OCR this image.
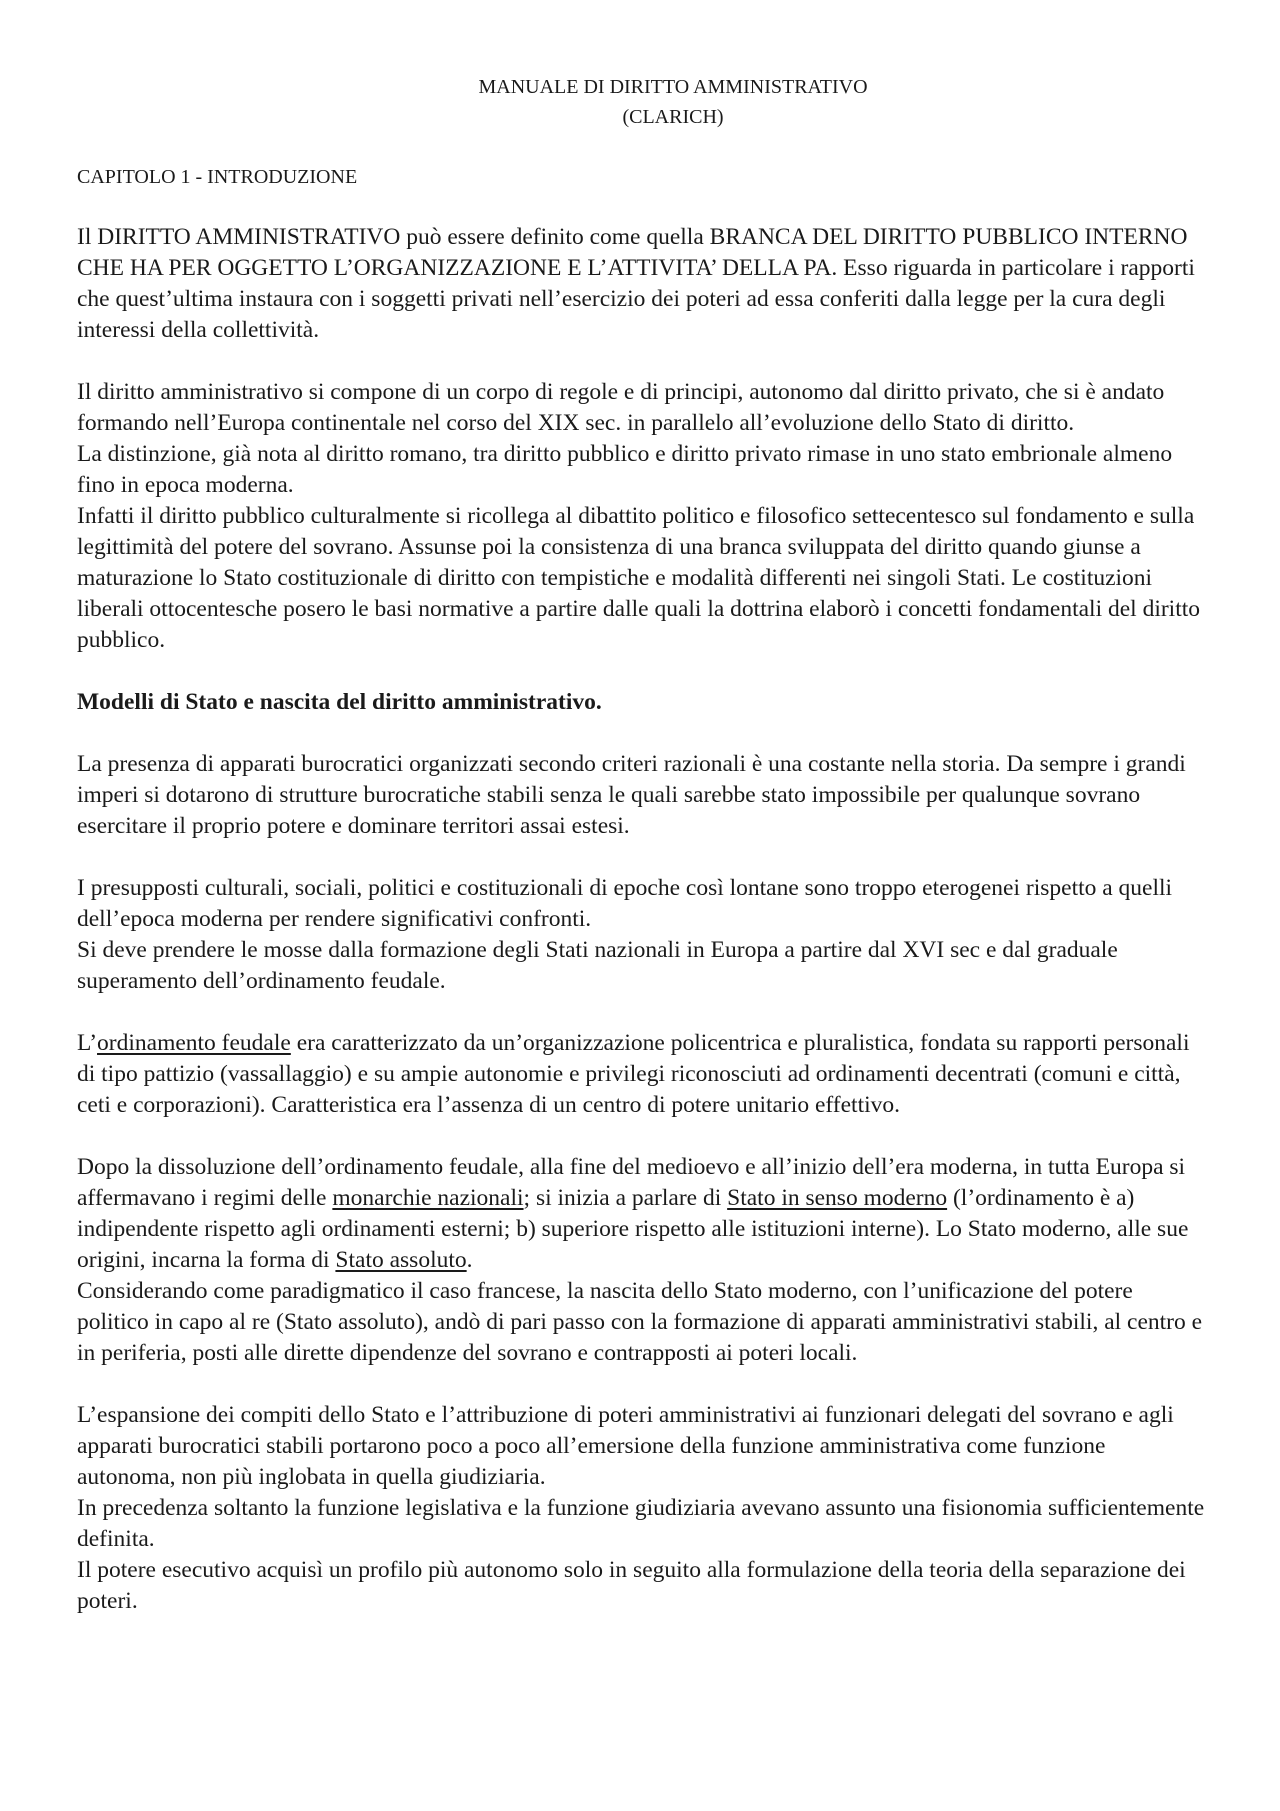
MANUALE DI DIRITTO AMMINISTRATIVO
(CLARICH)
CAPITOLO 1 - INTRODUZIONE

Il DIRITTO AMMINISTRATIVO può essere definito come quella BRANCA DEL DIRITTO PUBBLICO INTERNO CHE HA PER OGGETTO L’ORGANIZZAZIONE E L’ATTIVITA’ DELLA PA. Esso riguarda in particolare i rapporti che quest’ultima instaura con i soggetti privati nell’esercizio dei poteri ad essa conferiti dalla legge per la cura degli interessi della collettività.

Il diritto amministrativo si compone di un corpo di regole e di principi, autonomo dal diritto privato, che si è andato formando nell’Europa continentale nel corso del XIX sec. in parallelo all’evoluzione dello Stato di diritto.
La distinzione, già nota al diritto romano, tra diritto pubblico e diritto privato rimase in uno stato embrionale almeno fino in epoca moderna.
Infatti il diritto pubblico culturalmente si ricollega al dibattito politico e filosofico settecentesco sul fondamento e sulla legittimità del potere del sovrano. Assunse poi la consistenza di una branca sviluppata del diritto quando giunse a maturazione lo Stato costituzionale di diritto con tempistiche e modalità differenti nei singoli Stati. Le costituzioni liberali ottocentesche posero le basi normative a partire dalle quali la dottrina elaborò i concetti fondamentali del diritto pubblico.

Modelli di Stato e nascita del diritto amministrativo.

La presenza di apparati burocratici organizzati secondo criteri razionali è una costante nella storia. Da sempre i grandi imperi si dotarono di strutture burocratiche stabili senza le quali sarebbe stato impossibile per qualunque sovrano esercitare il proprio potere e dominare territori assai estesi.

I presupposti culturali, sociali, politici e costituzionali di epoche così lontane sono troppo eterogenei rispetto a quelli dell’epoca moderna per rendere significativi confronti.
Si deve prendere le mosse dalla formazione degli Stati nazionali in Europa a partire dal XVI sec e dal graduale superamento dell’ordinamento feudale.

L’ordinamento feudale era caratterizzato da un’organizzazione policentrica e pluralistica, fondata su rapporti personali di tipo pattizio (vassallaggio) e su ampie autonomie e privilegi riconosciuti ad ordinamenti decentrati (comuni e città, ceti e corporazioni). Caratteristica era l’assenza di un centro di potere unitario effettivo.

Dopo la dissoluzione dell’ordinamento feudale, alla fine del medioevo e all’inizio dell’era moderna, in tutta Europa si affermavano i regimi delle monarchie nazionali; si inizia a parlare di Stato in senso moderno (l’ordinamento è a) indipendente rispetto agli ordinamenti esterni; b) superiore rispetto alle istituzioni interne). Lo Stato moderno, alle sue origini, incarna la forma di Stato assoluto.
Considerando come paradigmatico il caso francese, la nascita dello Stato moderno, con l’unificazione del potere politico in capo al re (Stato assoluto), andò di pari passo con la formazione di apparati amministrativi stabili, al centro e in periferia, posti alle dirette dipendenze del sovrano e contrapposti ai poteri locali.

L’espansione dei compiti dello Stato e l’attribuzione di poteri amministrativi ai funzionari delegati del sovrano e agli apparati burocratici stabili portarono poco a poco all’emersione della funzione amministrativa come funzione autonoma, non più inglobata in quella giudiziaria.
In precedenza soltanto la funzione legislativa e la funzione giudiziaria avevano assunto una fisionomia sufficientemente definita.
Il potere esecutivo acquisì un profilo più autonomo solo in seguito alla formulazione della teoria della separazione dei poteri.
